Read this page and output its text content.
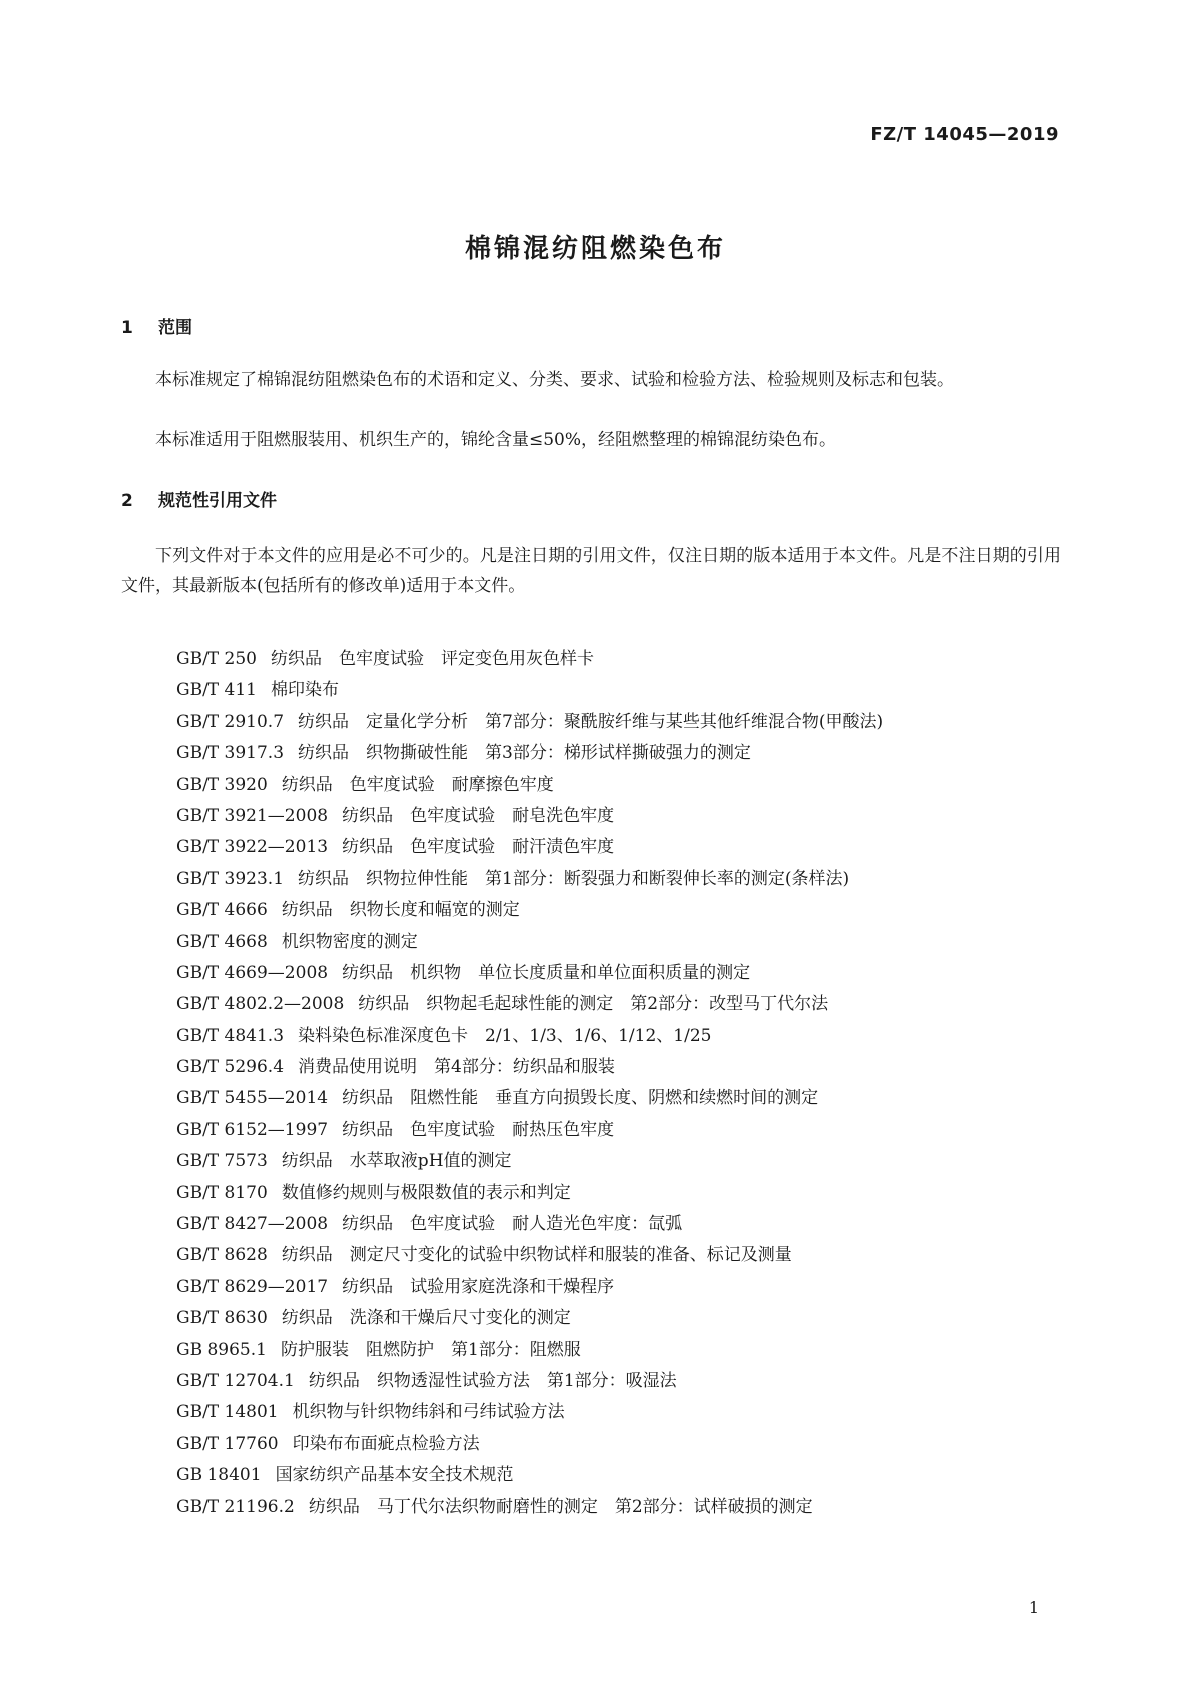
FZ/T 14045—2019
棉锦混纺阻燃染色布
1 范围
本标准规定了棉锦混纺阻燃染色布的术语和定义、分类、要求、试验和检验方法、检验规则及标志和包装。
本标准适用于阻燃服装用、机织生产的，锦纶含量≤50%，经阻燃整理的棉锦混纺染色布。
2 规范性引用文件
下列文件对于本文件的应用是必不可少的。凡是注日期的引用文件，仅注日期的版本适用于本文件。凡是不注日期的引用文件，其最新版本(包括所有的修改单)适用于本文件。
GB/T 250 纺织品　色牢度试验　评定变色用灰色样卡
GB/T 411 棉印染布
GB/T 2910.7 纺织品　定量化学分析　第7部分：聚酰胺纤维与某些其他纤维混合物(甲酸法)
GB/T 3917.3 纺织品　织物撕破性能　第3部分：梯形试样撕破强力的测定
GB/T 3920 纺织品　色牢度试验　耐摩擦色牢度
GB/T 3921—2008 纺织品　色牢度试验　耐皂洗色牢度
GB/T 3922—2013 纺织品　色牢度试验　耐汗渍色牢度
GB/T 3923.1 纺织品　织物拉伸性能　第1部分：断裂强力和断裂伸长率的测定(条样法)
GB/T 4666 纺织品　织物长度和幅宽的测定
GB/T 4668 机织物密度的测定
GB/T 4669—2008 纺织品　机织物　单位长度质量和单位面积质量的测定
GB/T 4802.2—2008 纺织品　织物起毛起球性能的测定　第2部分：改型马丁代尔法
GB/T 4841.3 染料染色标准深度色卡　2/1、1/3、1/6、1/12、1/25
GB/T 5296.4 消费品使用说明　第4部分：纺织品和服装
GB/T 5455—2014 纺织品　阻燃性能　垂直方向损毁长度、阴燃和续燃时间的测定
GB/T 6152—1997 纺织品　色牢度试验　耐热压色牢度
GB/T 7573 纺织品　水萃取液pH值的测定
GB/T 8170 数值修约规则与极限数值的表示和判定
GB/T 8427—2008 纺织品　色牢度试验　耐人造光色牢度：氙弧
GB/T 8628 纺织品　测定尺寸变化的试验中织物试样和服装的准备、标记及测量
GB/T 8629—2017 纺织品　试验用家庭洗涤和干燥程序
GB/T 8630 纺织品　洗涤和干燥后尺寸变化的测定
GB 8965.1 防护服装　阻燃防护　第1部分：阻燃服
GB/T 12704.1 纺织品　织物透湿性试验方法　第1部分：吸湿法
GB/T 14801 机织物与针织物纬斜和弓纬试验方法
GB/T 17760 印染布布面疵点检验方法
GB 18401 国家纺织产品基本安全技术规范
GB/T 21196.2 纺织品　马丁代尔法织物耐磨性的测定　第2部分：试样破损的测定
1
